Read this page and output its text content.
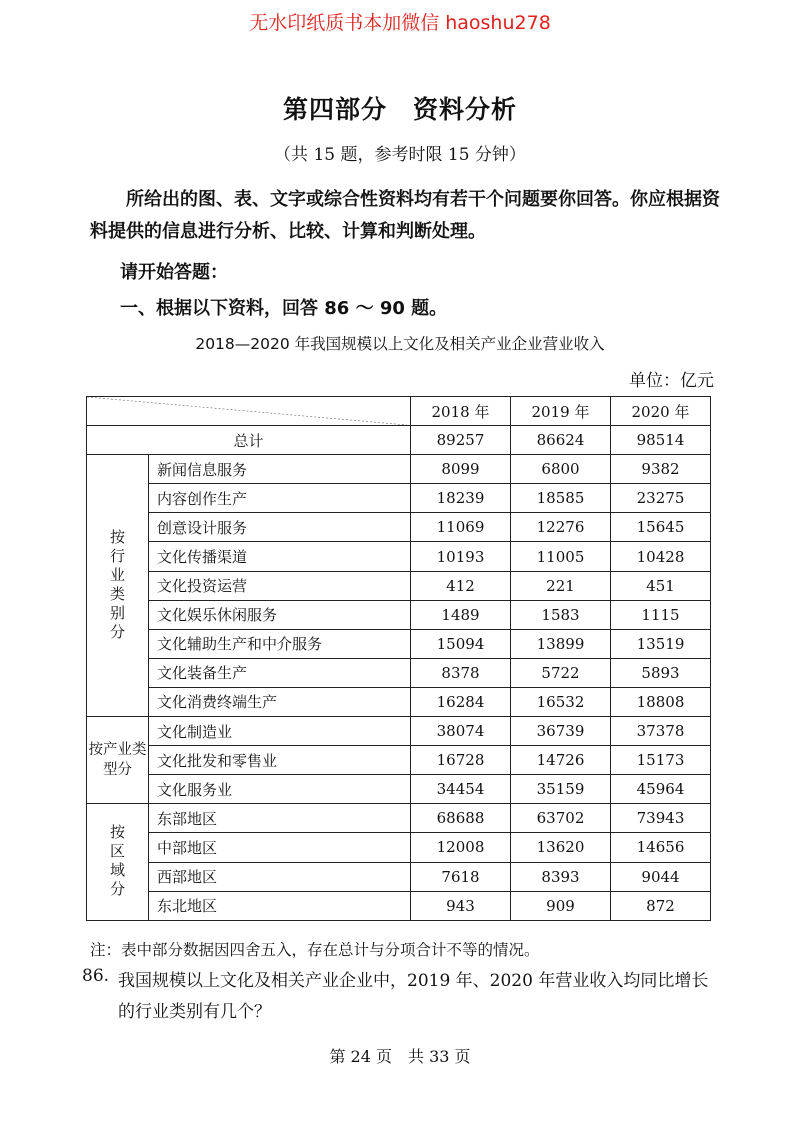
无水印纸质书本加微信 haoshu278
第四部分　资料分析
（共 15 题，参考时限 15 分钟）
所给出的图、表、文字或综合性资料均有若干个问题要你回答。你应根据资料提供的信息进行分析、比较、计算和判断处理。
请开始答题：
一、根据以下资料，回答 86 ～ 90 题。
2018—2020 年我国规模以上文化及相关产业企业营业收入
单位：亿元
	2018 年	2019 年	2020 年
总计		89257	86624	98514
按行业类别分	新闻信息服务	8099	6800	9382
	内容创作生产	18239	18585	23275
	创意设计服务	11069	12276	15645
	文化传播渠道	10193	11005	10428
	文化投资运营	412	221	451
	文化娱乐休闲服务	1489	1583	1115
	文化辅助生产和中介服务	15094	13899	13519
	文化装备生产	8378	5722	5893
	文化消费终端生产	16284	16532	18808
按产业类型分	文化制造业	38074	36739	37378
	文化批发和零售业	16728	14726	15173
	文化服务业	34454	35159	45964
按区域分	东部地区	68688	63702	73943
	中部地区	12008	13620	14656
	西部地区	7618	8393	9044
	东北地区	943	909	872
注：表中部分数据因四舍五入，存在总计与分项合计不等的情况。
86. 我国规模以上文化及相关产业企业中，2019 年、2020 年营业收入均同比增长的行业类别有几个？
第 24 页　共 33 页
